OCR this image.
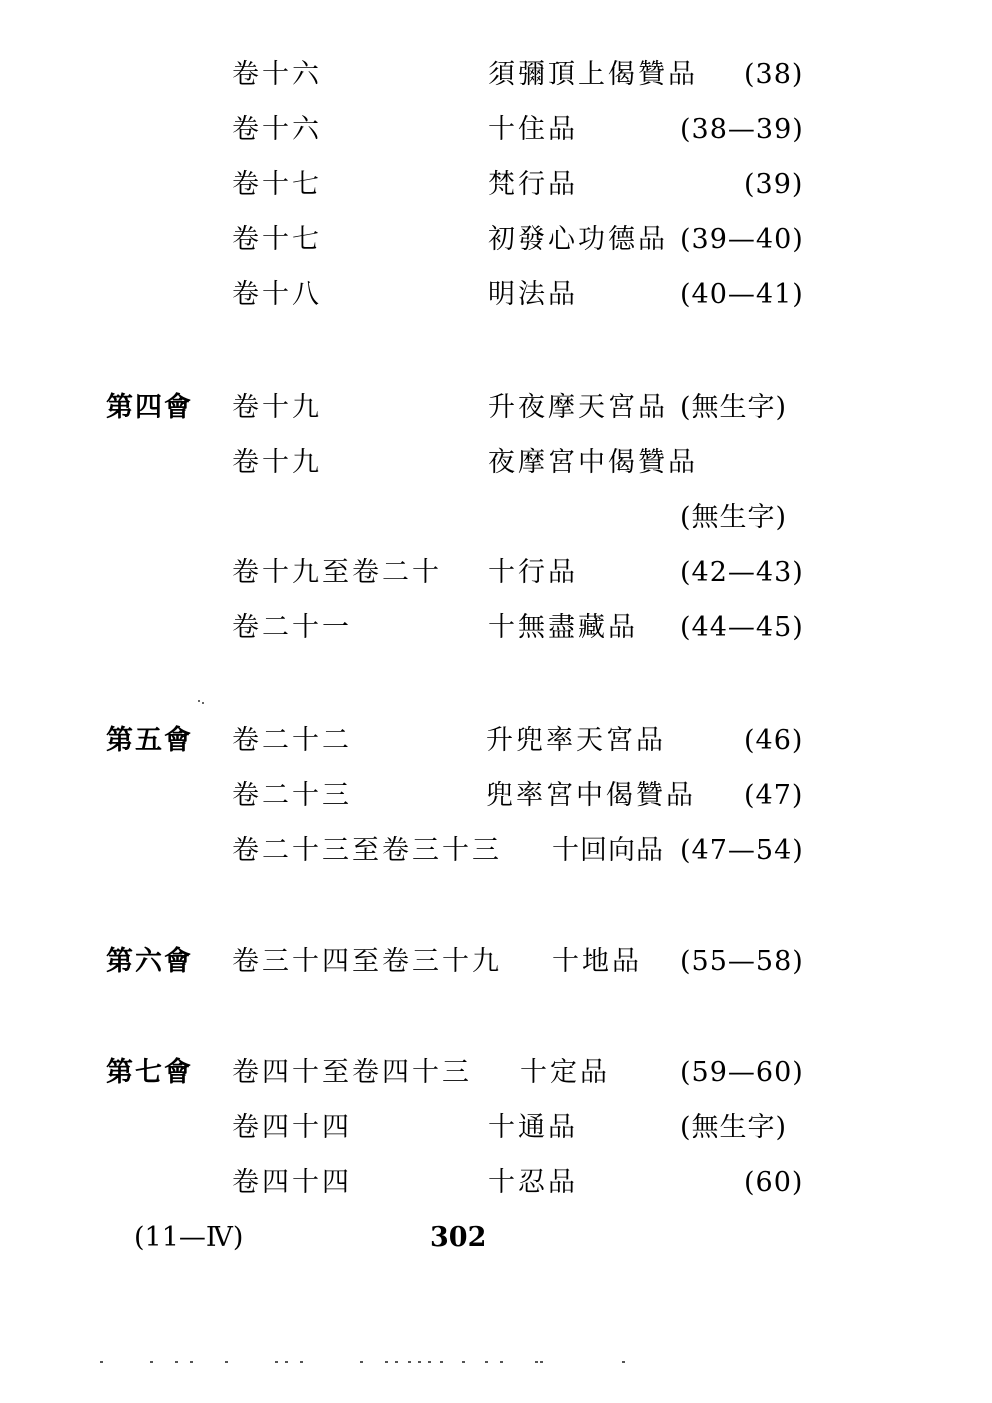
卷十六	須彌頂上偈贊品 (38)
卷十六	十住品	(38—39)
卷十七	梵行品	(39)
卷十七	初發心功德品 (39—40)
卷十八	明法品	(40—41)
第四會 卷十九	升夜摩天宮品 (無生字)
卷十九	夜摩宮中偈贊品
(無生字)
卷十九至卷二十 十行品	(42—43)
卷二十一	十無盡藏品 (44—45)
第五會 卷二十二	升兜率天宮品	(46)
卷二十三	兜率宮中偈贊品 (47)
卷二十三至卷三十三 十回向品 (47—54)
第六會 卷三十四至卷三十九 十地品 (55—58)
第七會 卷四十至卷四十三 十定品	(59—60)
卷四十四	十通品	(無生字)
卷四十四	十忍品	(60)
(11—Ⅳ)	302
